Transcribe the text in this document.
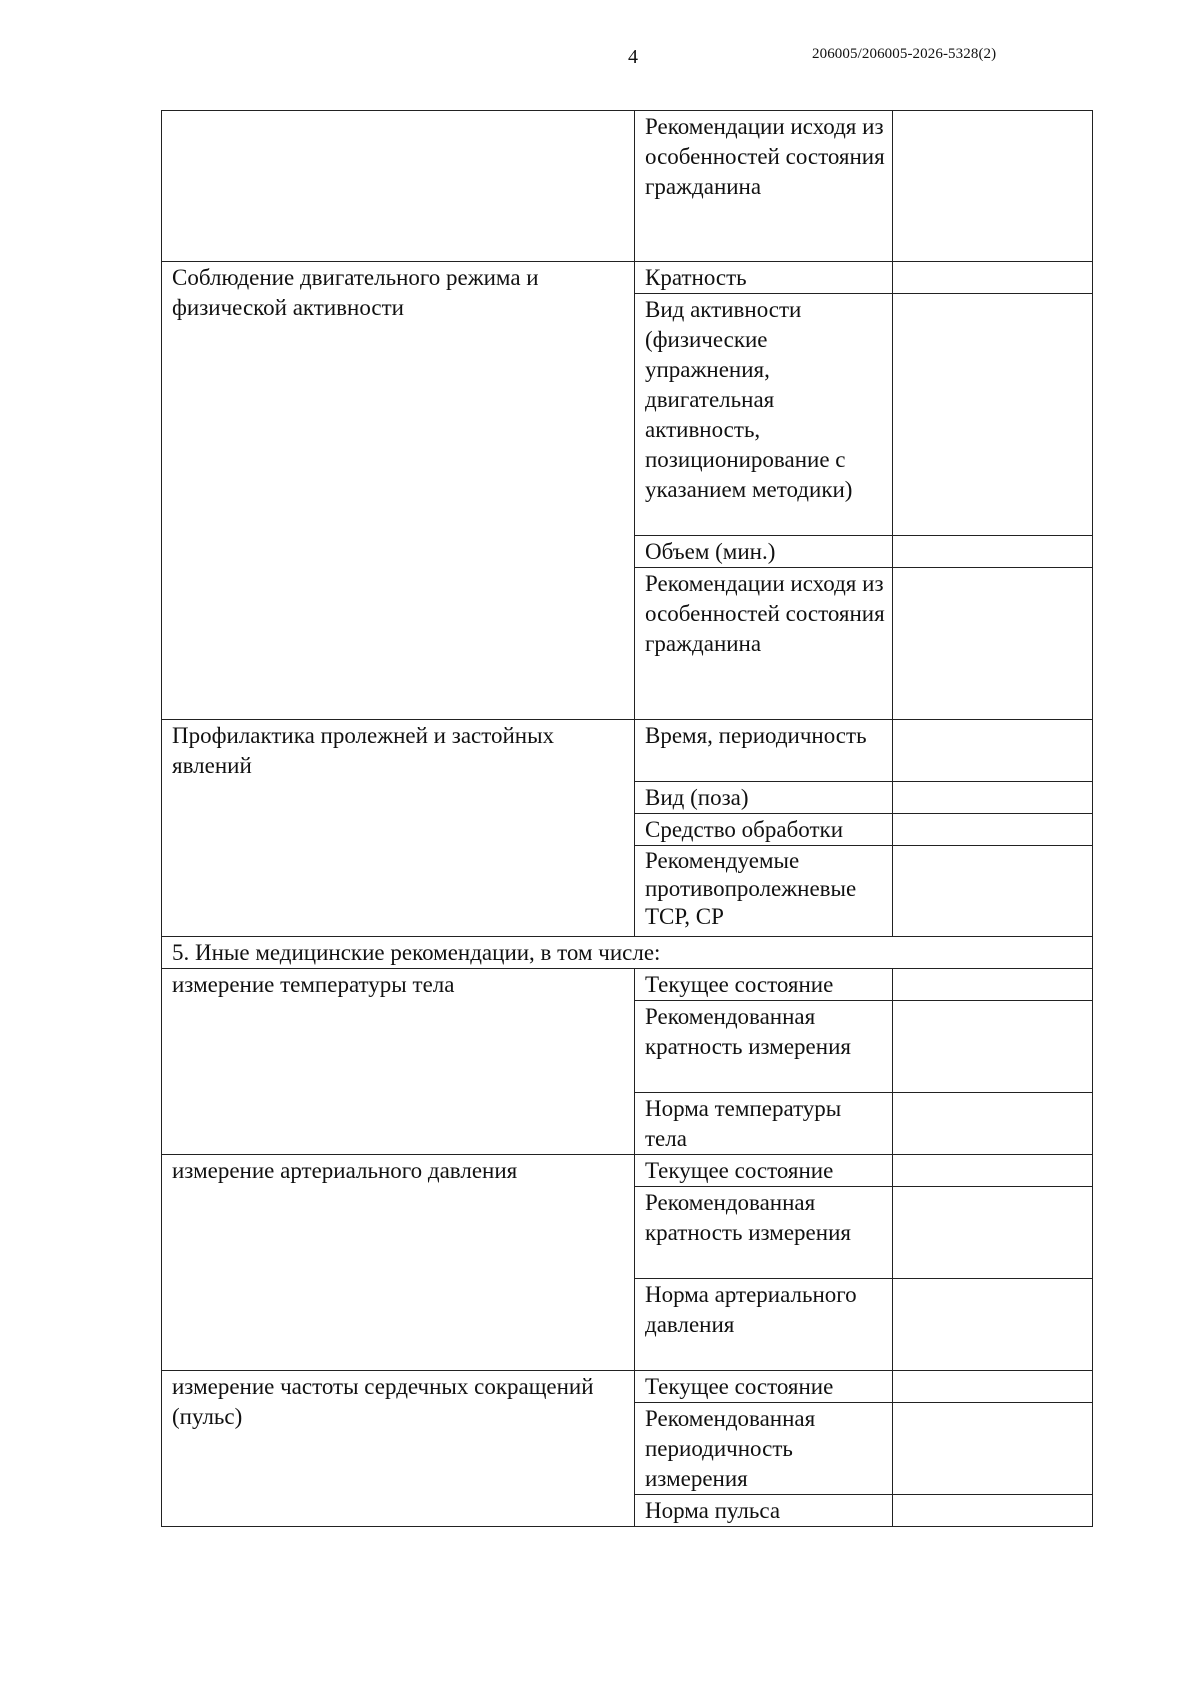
4	206005/206005-2026-5328(2)
	Рекомендации исходя из особенностей состояния гражданина	
Соблюдение двигательного режима и физической активности	Кратность	
	Вид активности (физические упражнения, двигательная активность, позиционирование с указанием методики)	
	Объем (мин.)	
	Рекомендации исходя из особенностей состояния гражданина	
Профилактика пролежней и застойных явлений	Время, периодичность	
	Вид (поза)	
	Средство обработки	
	Рекомендуемые противопролежневые ТСР, СР	
5. Иные медицинские рекомендации, в том числе:		
измерение температуры тела	Текущее состояние	
	Рекомендованная кратность измерения	
	Норма температуры тела	
измерение артериального давления	Текущее состояние	
	Рекомендованная кратность измерения	
	Норма артериального давления	
измерение частоты сердечных сокращений (пульс)	Текущее состояние	
	Рекомендованная периодичность измерения	
	Норма пульса	
